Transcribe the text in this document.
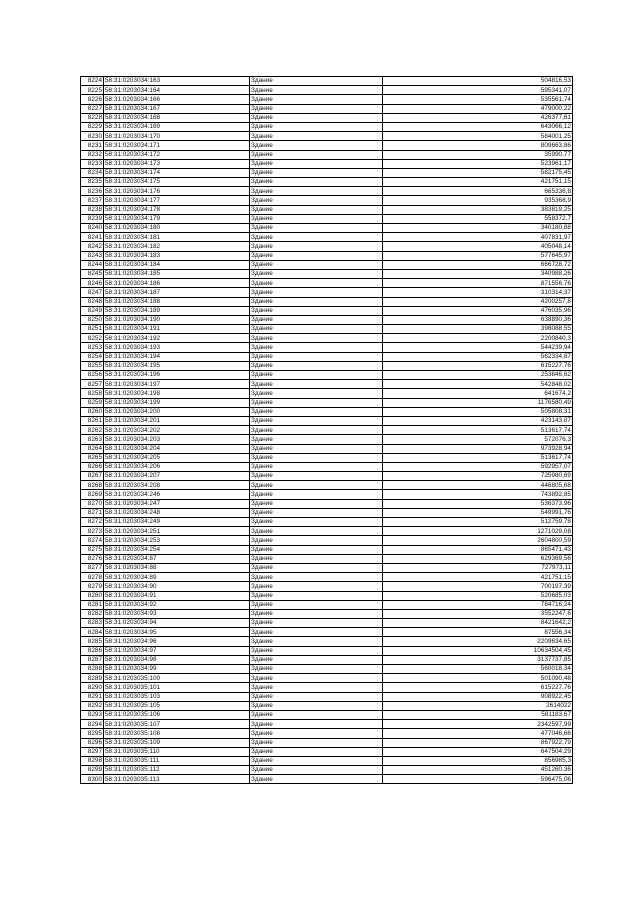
8224	58:31:0203034:163	Здание	504816,53
8225	58:31:0203034:164	Здание	595341,07
8226	58:31:0203034:166	Здание	535561,74
8227	58:31:0203034:167	Здание	479000,22
8228	58:31:0203034:168	Здание	426377,61
8229	58:31:0203034:169	Здание	643066,12
8230	58:31:0203034:170	Здание	584001,25
8231	58:31:0203034:171	Здание	809663,86
8232	58:31:0203034:172	Здание	35990,77
8233	58:31:0203034:173	Здание	523961,17
8234	58:31:0203034:174	Здание	582175,45
8235	58:31:0203034:175	Здание	421751,15
8236	58:31:0203034:176	Здание	665336,8
8237	58:31:0203034:177	Здание	935368,9
8238	58:31:0203034:178	Здание	383819,25
8239	58:31:0203034:179	Здание	558372,7
8240	58:31:0203034:180	Здание	340180,88
8241	58:31:0203034:181	Здание	407831,97
8242	58:31:0203034:182	Здание	405048,14
8243	58:31:0203034:183	Здание	577645,97
8244	58:31:0203034:184	Здание	666728,72
8245	58:31:0203034:185	Здание	340988,26
8246	58:31:0203034:186	Здание	871556,76
8247	58:31:0203034:187	Здание	310314,37
8248	58:31:0203034:188	Здание	4200257,8
8249	58:31:0203034:189	Здание	476035,96
8250	58:31:0203034:190	Здание	638890,36
8251	58:31:0203034:191	Здание	398088,55
8252	58:31:0203034:192	Здание	2200840,3
8253	58:31:0203034:193	Здание	544239,94
8254	58:31:0203034:194	Здание	562334,87
8255	58:31:0203034:195	Здание	615227,76
8256	58:31:0203034:196	Здание	253846,62
8257	58:31:0203034:197	Здание	542848,02
8258	58:31:0203034:198	Здание	641674,2
8259	58:31:0203034:199	Здание	1176580,49
8260	58:31:0203034:200	Здание	505808,31
8261	58:31:0203034:201	Здание	423143,07
8262	58:31:0203034:202	Здание	513617,74
8263	58:31:0203034:203	Здание	572076,3
8264	58:31:0203034:204	Здание	973928,94
8265	58:31:0203034:205	Здание	513617,74
8266	58:31:0203034:206	Здание	592957,07
8267	58:31:0203034:207	Здание	725980,69
8268	58:31:0203034:208	Здание	446805,68
8269	58:31:0203034:246	Здание	743892,85
8270	58:31:0203034:247	Здание	536373,96
8271	58:31:0203034:248	Здание	549991,76
8272	58:31:0203034:249	Здание	512759,78
8273	58:31:0203034:251	Здание	1271029,08
8274	58:31:0203034:253	Здание	2604800,59
8275	58:31:0203034:254	Здание	865471,43
8276	58:31:0203034:87	Здание	629369,56
8277	58:31:0203034:88	Здание	727973,11
8278	58:31:0203034:89	Здание	421751,15
8279	58:31:0203034:90	Здание	700197,39
8280	58:31:0203034:91	Здание	520685,03
8281	58:31:0203034:92	Здание	784716,24
8282	58:31:0203034:93	Здание	3552247,6
8283	58:31:0203034:94	Здание	8421642,2
8284	58:31:0203034:95	Здание	87556,34
8285	58:31:0203034:96	Здание	2209634,65
8286	58:31:0203034:97	Здание	10634504,45
8287	58:31:0203034:98	Здание	3137737,85
8288	58:31:0203034:99	Здание	560018,34
8289	58:31:0203035:100	Здание	501090,48
8290	58:31:0203035:101	Здание	615227,76
8291	58:31:0203035:103	Здание	908922,45
8292	58:31:0203035:105	Здание	2614022
8293	58:31:0203035:106	Здание	581183,67
8294	58:31:0203035:107	Здание	2342597,99
8295	58:31:0203035:108	Здание	477046,66
8296	58:31:0203035:109	Здание	867922,79
8297	58:31:0203035:110	Здание	647504,29
8298	58:31:0203035:111	Здание	856985,3
8299	58:31:0203035:112	Здание	451260,36
8300	58:31:0203035:113	Здание	596475,06
